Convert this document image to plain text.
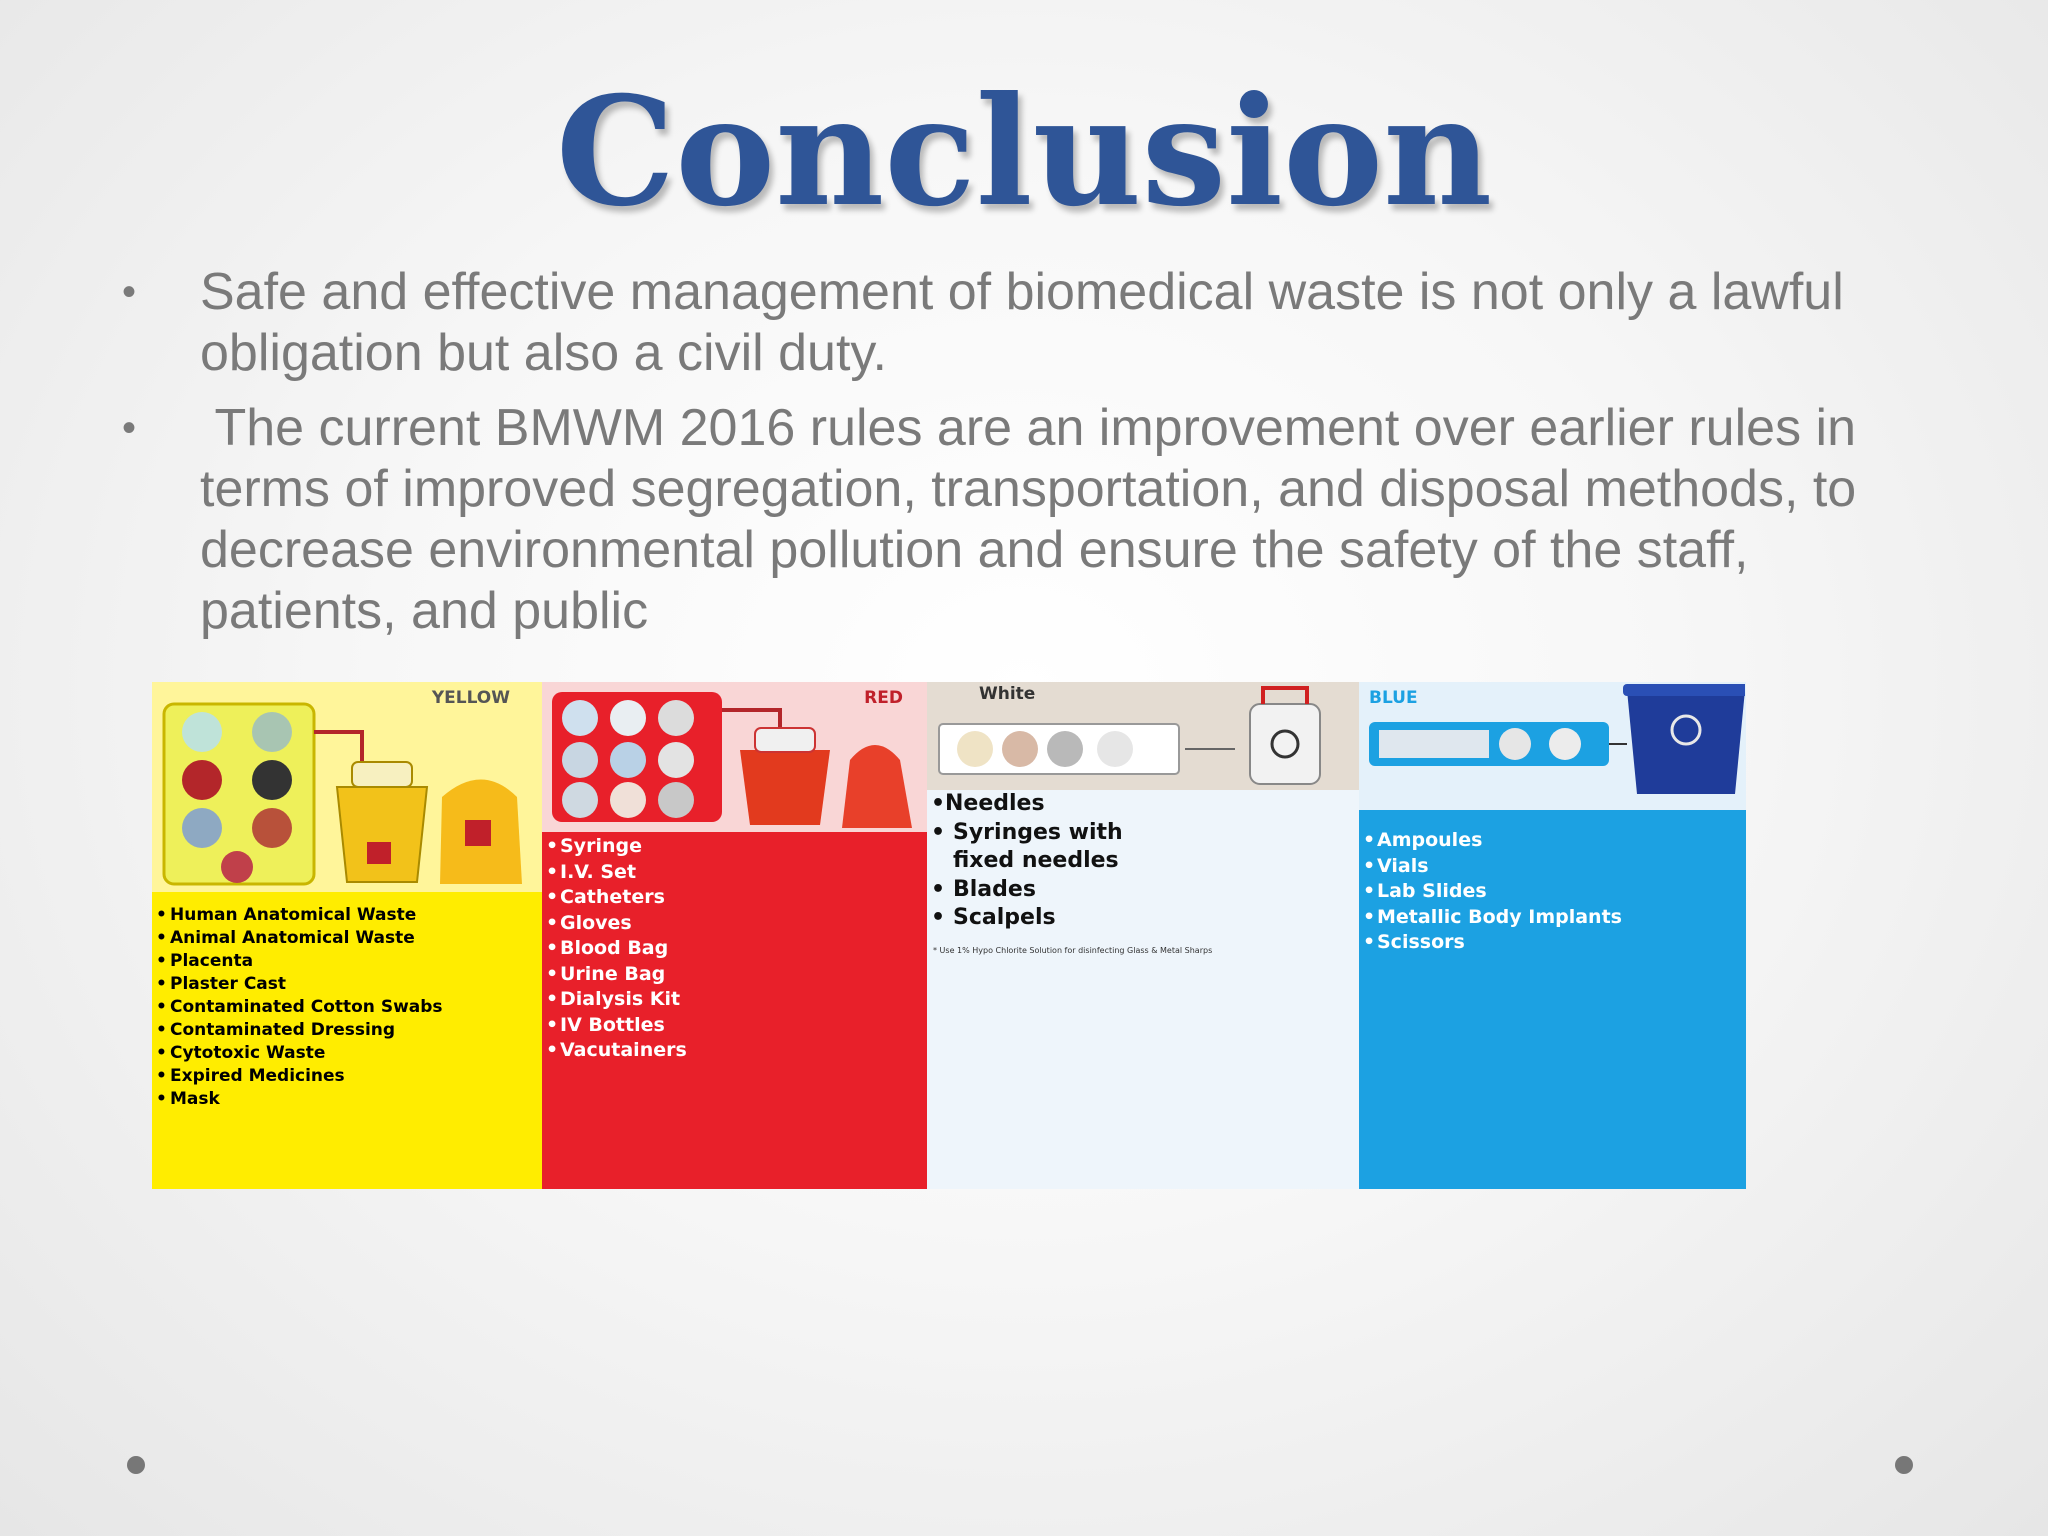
Conclusion
• Safe and effective management of biomedical waste is not only a lawful obligation but also a civil duty.
• The current BMWM 2016 rules are an improvement over earlier rules in terms of improved segregation, transportation, and disposal methods, to decrease environmental pollution and ensure the safety of the staff, patients, and public
YELLOW
• Human Anatomical Waste
• Animal Anatomical Waste
• Placenta
• Plaster Cast
• Contaminated Cotton Swabs
• Contaminated Dressing
• Cytotoxic Waste
• Expired Medicines
• Mask
RED
• Syringe
• I.V. Set
• Catheters
• Gloves
• Blood Bag
• Urine Bag
• Dialysis Kit
• IV Bottles
• Vacutainers
White
• Needles
• Syringes with fixed needles
• Blades
• Scalpels
* Use 1% Hypo Chlorite Solution for disinfecting Glass & Metal Sharps
BLUE
• Ampoules
• Vials
• Lab Slides
• Metallic Body Implants
• Scissors
